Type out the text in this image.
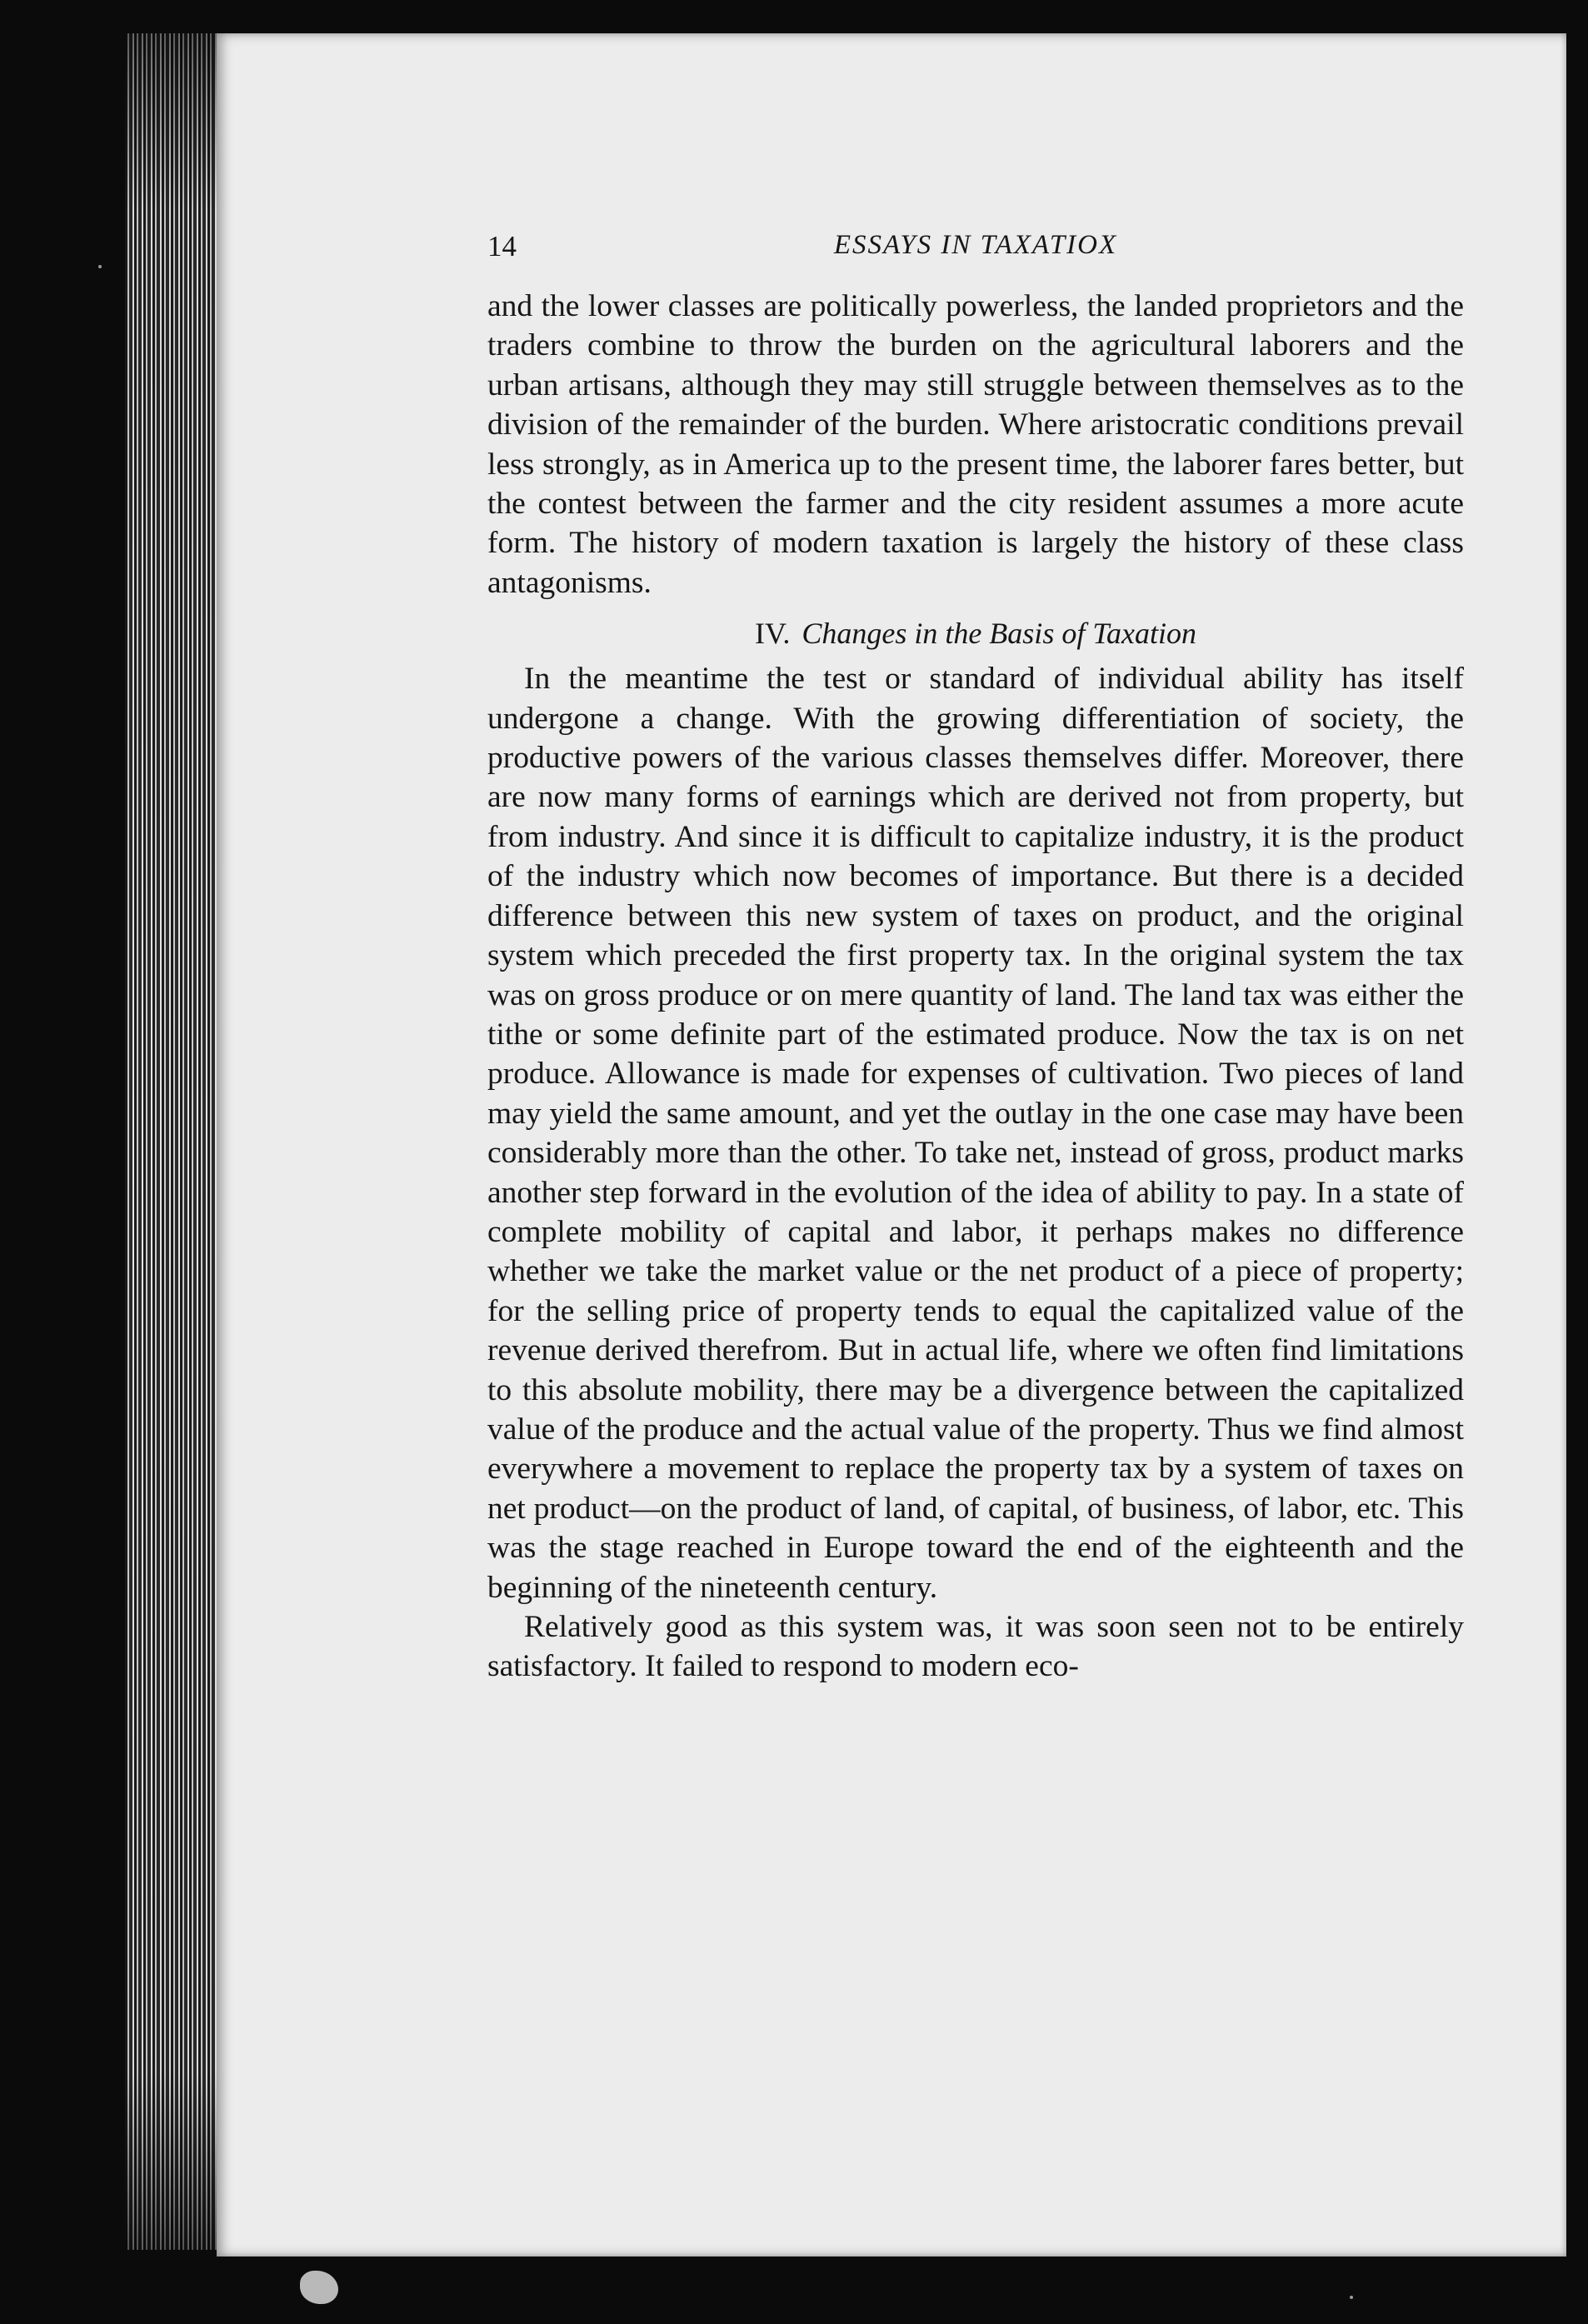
14	ESSAYS IN TAXATIOX

and the lower classes are politically powerless, the landed proprietors and the traders combine to throw the burden on the agricultural laborers and the urban artisans, although they may still struggle between themselves as to the division of the remainder of the burden. Where aristocratic conditions prevail less strongly, as in America up to the present time, the laborer fares better, but the contest between the farmer and the city resident assumes a more acute form. The history of modern taxation is largely the history of these class antagonisms.

IV. Changes in the Basis of Taxation

In the meantime the test or standard of individual ability has itself undergone a change. With the growing differentiation of society, the productive powers of the various classes themselves differ. Moreover, there are now many forms of earnings which are derived not from property, but from industry. And since it is difficult to capitalize industry, it is the product of the industry which now becomes of importance. But there is a decided difference between this new system of taxes on product, and the original system which preceded the first property tax. In the original system the tax was on gross produce or on mere quantity of land. The land tax was either the tithe or some definite part of the estimated produce. Now the tax is on net produce. Allowance is made for expenses of cultivation. Two pieces of land may yield the same amount, and yet the outlay in the one case may have been considerably more than the other. To take net, instead of gross, product marks another step forward in the evolution of the idea of ability to pay. In a state of complete mobility of capital and labor, it perhaps makes no difference whether we take the market value or the net product of a piece of property; for the selling price of property tends to equal the capitalized value of the revenue derived therefrom. But in actual life, where we often find limitations to this absolute mobility, there may be a divergence between the capitalized value of the produce and the actual value of the property. Thus we find almost everywhere a movement to replace the property tax by a system of taxes on net product—on the product of land, of capital, of business, of labor, etc. This was the stage reached in Europe toward the end of the eighteenth and the beginning of the nineteenth century.

Relatively good as this system was, it was soon seen not to be entirely satisfactory. It failed to respond to modern eco-
